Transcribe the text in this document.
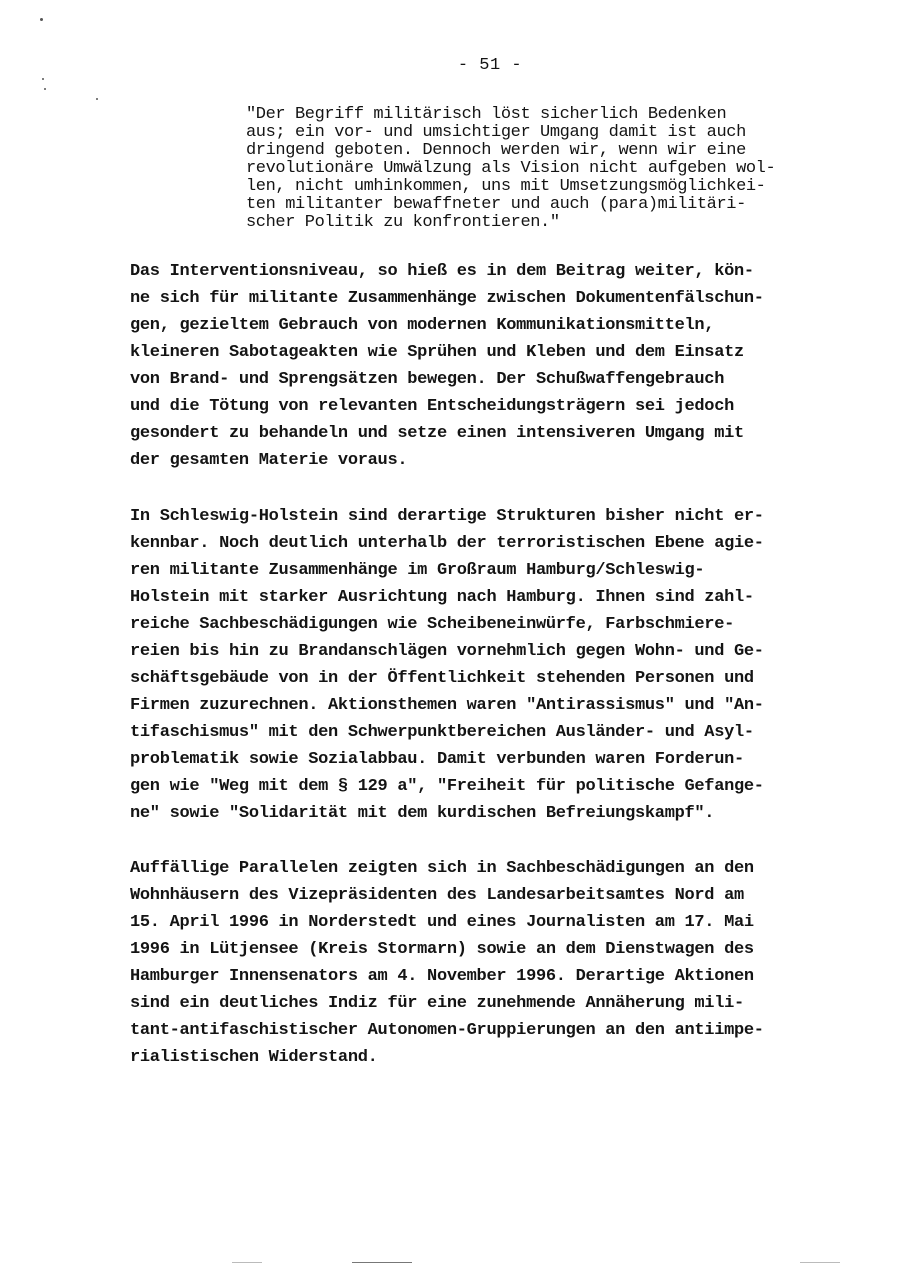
- 51 -
"Der Begriff militärisch löst sicherlich Bedenken
aus; ein vor- und umsichtiger Umgang damit ist auch
dringend geboten. Dennoch werden wir, wenn wir eine
revolutionäre Umwälzung als Vision nicht aufgeben wol-
len, nicht umhinkommen, uns mit Umsetzungsmöglichkei-
ten militanter bewaffneter und auch (para)militäri-
scher Politik zu konfrontieren."
Das Interventionsniveau, so hieß es in dem Beitrag weiter, kön-
ne sich für militante Zusammenhänge zwischen Dokumentenfälschun-
gen, gezieltem Gebrauch von modernen Kommunikationsmitteln,
kleineren Sabotageakten wie Sprühen und Kleben und dem Einsatz
von Brand- und Sprengsätzen bewegen. Der Schußwaffengebrauch
und die Tötung von relevanten Entscheidungsträgern sei jedoch
gesondert zu behandeln und setze einen intensiveren Umgang mit
der gesamten Materie voraus.
In Schleswig-Holstein sind derartige Strukturen bisher nicht er-
kennbar. Noch deutlich unterhalb der terroristischen Ebene agie-
ren militante Zusammenhänge im Großraum Hamburg/Schleswig-
Holstein mit starker Ausrichtung nach Hamburg. Ihnen sind zahl-
reiche Sachbeschädigungen wie Scheibeneinwürfe, Farbschmiere-
reien bis hin zu Brandanschlägen vornehmlich gegen Wohn- und Ge-
schäftsgebäude von in der Öffentlichkeit stehenden Personen und
Firmen zuzurechnen. Aktionsthemen waren "Antirassismus" und "An-
tifaschismus" mit den Schwerpunktbereichen Ausländer- und Asyl-
problematik sowie Sozialabbau. Damit verbunden waren Forderun-
gen wie "Weg mit dem § 129 a", "Freiheit für politische Gefange-
ne" sowie "Solidarität mit dem kurdischen Befreiungskampf".
Auffällige Parallelen zeigten sich in Sachbeschädigungen an den
Wohnhäusern des Vizepräsidenten des Landesarbeitsamtes Nord am
15. April 1996 in Norderstedt und eines Journalisten am 17. Mai
1996 in Lütjensee (Kreis Stormarn) sowie an dem Dienstwagen des
Hamburger Innensenators am 4. November 1996. Derartige Aktionen
sind ein deutliches Indiz für eine zunehmende Annäherung mili-
tant-antifaschistischer Autonomen-Gruppierungen an den antiimpe-
rialistischen Widerstand.
